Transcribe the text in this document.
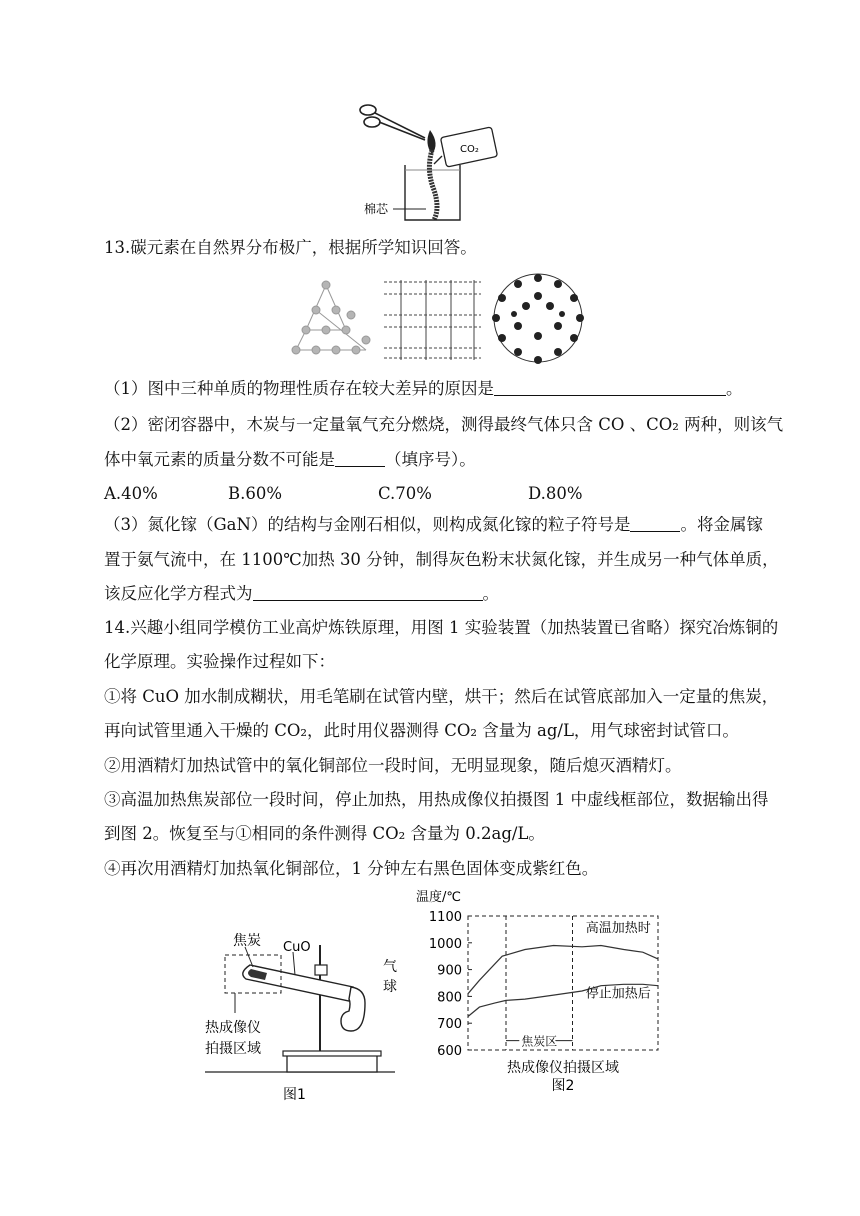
CO₂
棉芯
13.碳元素在自然界分布极广，根据所学知识回答。
（1）图中三种单质的物理性质存在较大差异的原因是	。
（2）密闭容器中，木炭与一定量氧气充分燃烧，测得最终气体只含 CO 、CO₂ 两种，则该气
体中氧元素的质量分数不可能是	（填序号）。
A.40%	B.60%	C.70%	D.80%
（3）氮化镓（GaN）的结构与金刚石相似，则构成氮化镓的粒子符号是	。将金属镓
置于氨气流中，在 1100℃加热 30 分钟，制得灰色粉末状氮化镓，并生成另一种气体单质，
该反应化学方程式为	。
14.兴趣小组同学模仿工业高炉炼铁原理，用图 1 实验装置（加热装置已省略）探究冶炼铜的
化学原理。实验操作过程如下：
①将 CuO 加水制成糊状，用毛笔刷在试管内壁，烘干；然后在试管底部加入一定量的焦炭，
再向试管里通入干燥的 CO₂，此时用仪器测得 CO₂ 含量为 ag/L，用气球密封试管口。
②用酒精灯加热试管中的氧化铜部位一段时间，无明显现象，随后熄灭酒精灯。
③高温加热焦炭部位一段时间，停止加热，用热成像仪拍摄图 1 中虚线框部位，数据输出得
到图 2。恢复至与①相同的条件测得 CO₂ 含量为 0.2ag/L。
④再次用酒精灯加热氧化铜部位，1 分钟左右黑色固体变成紫红色。
焦炭 CuO
气
球
热成像仪
拍摄区域
图1
温度/℃
600
700
800
900
1000
1100
焦炭区
高温加热时
停止加热后
热成像仪拍摄区域
图2
